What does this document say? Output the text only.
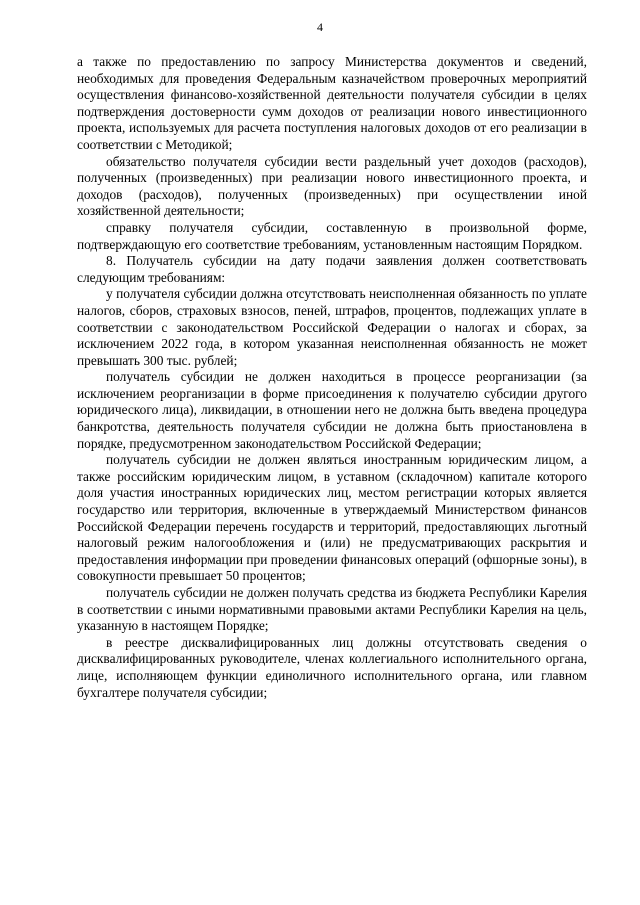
4

а также по предоставлению по запросу Министерства документов и сведений, необходимых для проведения Федеральным казначейством проверочных мероприятий осуществления финансово-хозяйственной деятельности получателя субсидии в целях подтверждения достоверности сумм доходов от реализации нового инвестиционного проекта, используемых для расчета поступления налоговых доходов от его реализации в соответствии с Методикой;

обязательство получателя субсидии вести раздельный учет доходов (расходов), полученных (произведенных) при реализации нового инвестиционного проекта, и доходов (расходов), полученных (произведенных) при осуществлении иной хозяйственной деятельности;

справку получателя субсидии, составленную в произвольной форме, подтверждающую его соответствие требованиям, установленным настоящим Порядком.

8. Получатель субсидии на дату подачи заявления должен соответствовать следующим требованиям:

у получателя субсидии должна отсутствовать неисполненная обязанность по уплате налогов, сборов, страховых взносов, пеней, штрафов, процентов, подлежащих уплате в соответствии с законодательством Российской Федерации о налогах и сборах, за исключением 2022 года, в котором указанная неисполненная обязанность не может превышать 300 тыс. рублей;

получатель субсидии не должен находиться в процессе реорганизации (за исключением реорганизации в форме присоединения к получателю субсидии другого юридического лица), ликвидации, в отношении него не должна быть введена процедура банкротства, деятельность получателя субсидии не должна быть приостановлена в порядке, предусмотренном законодательством Российской Федерации;

получатель субсидии не должен являться иностранным юридическим лицом, а также российским юридическим лицом, в уставном (складочном) капитале которого доля участия иностранных юридических лиц, местом регистрации которых является государство или территория, включенные в утверждаемый Министерством финансов Российской Федерации перечень государств и территорий, предоставляющих льготный налоговый режим налогообложения и (или) не предусматривающих раскрытия и предоставления информации при проведении финансовых операций (офшорные зоны), в совокупности превышает 50 процентов;

получатель субсидии не должен получать средства из бюджета Республики Карелия в соответствии с иными нормативными правовыми актами Республики Карелия на цель, указанную в настоящем Порядке;

в реестре дисквалифицированных лиц должны отсутствовать сведения о дисквалифицированных руководителе, членах коллегиального исполнительного органа, лице, исполняющем функции единоличного исполнительного органа, или главном бухгалтере получателя субсидии;
